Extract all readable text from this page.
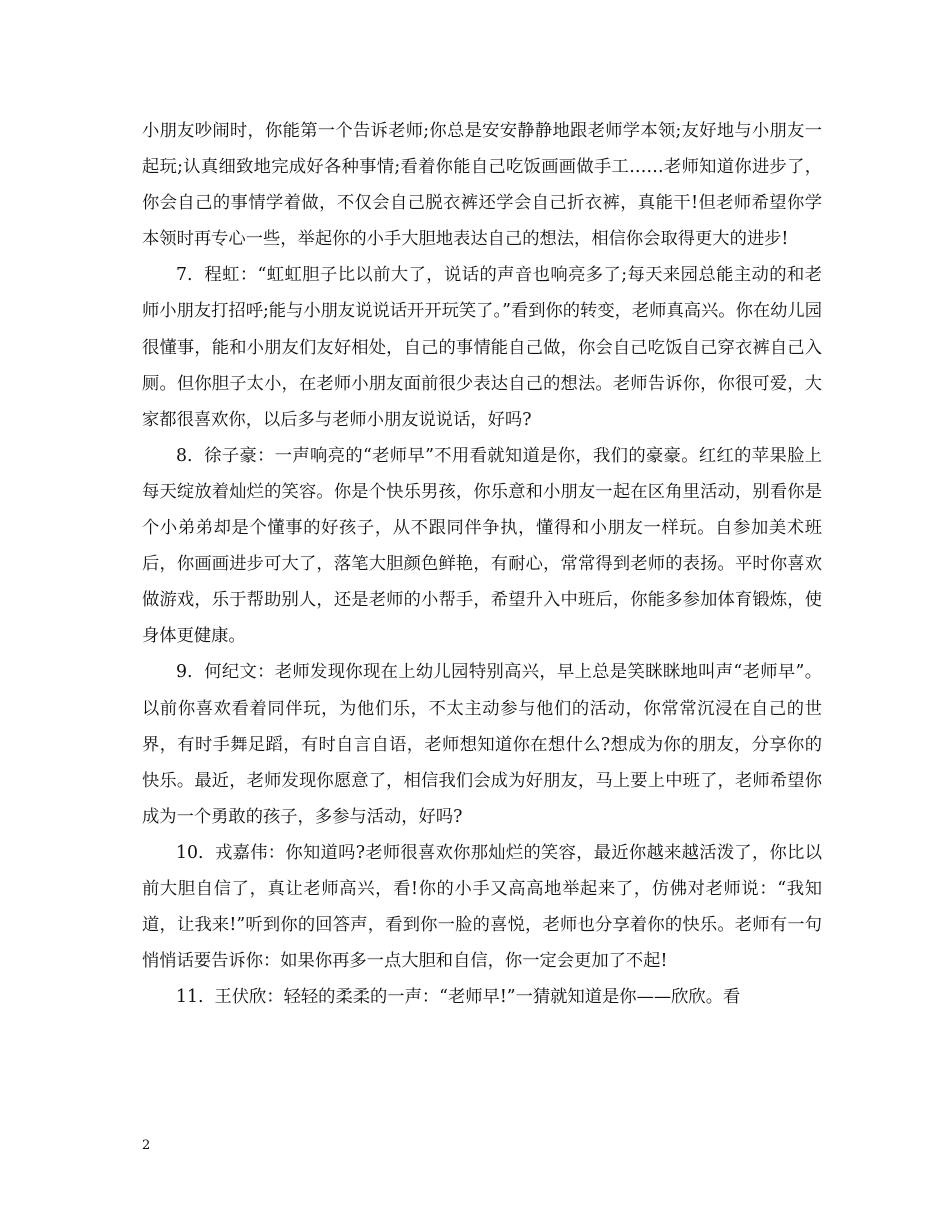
小朋友吵闹时，你能第一个告诉老师;你总是安安静静地跟老师学本领;友好地与小朋友一起玩;认真细致地完成好各种事情;看着你能自己吃饭画画做手工……老师知道你进步了，你会自己的事情学着做，不仅会自己脱衣裤还学会自己折衣裤，真能干!但老师希望你学本领时再专心一些，举起你的小手大胆地表达自己的想法，相信你会取得更大的进步!

7. 程虹：“虹虹胆子比以前大了，说话的声音也响亮多了;每天来园总能主动的和老师小朋友打招呼;能与小朋友说说话开开玩笑了。”看到你的转变，老师真高兴。你在幼儿园很懂事，能和小朋友们友好相处，自己的事情能自己做，你会自己吃饭自己穿衣裤自己入厕。但你胆子太小，在老师小朋友面前很少表达自己的想法。老师告诉你，你很可爱，大家都很喜欢你，以后多与老师小朋友说说话，好吗?

8. 徐子豪：一声响亮的“老师早”不用看就知道是你，我们的豪豪。红红的苹果脸上每天绽放着灿烂的笑容。你是个快乐男孩，你乐意和小朋友一起在区角里活动，别看你是个小弟弟却是个懂事的好孩子，从不跟同伴争执，懂得和小朋友一样玩。自参加美术班后，你画画进步可大了，落笔大胆颜色鲜艳，有耐心，常常得到老师的表扬。平时你喜欢做游戏，乐于帮助别人，还是老师的小帮手，希望升入中班后，你能多参加体育锻炼，使身体更健康。

9. 何纪文：老师发现你现在上幼儿园特别高兴，早上总是笑眯眯地叫声“老师早”。以前你喜欢看着同伴玩，为他们乐，不太主动参与他们的活动，你常常沉浸在自己的世界，有时手舞足蹈，有时自言自语，老师想知道你在想什么?想成为你的朋友，分享你的快乐。最近，老师发现你愿意了，相信我们会成为好朋友，马上要上中班了，老师希望你成为一个勇敢的孩子，多参与活动，好吗?

10. 戎嘉伟：你知道吗?老师很喜欢你那灿烂的笑容，最近你越来越活泼了，你比以前大胆自信了，真让老师高兴，看!你的小手又高高地举起来了，仿佛对老师说：“我知道，让我来!”听到你的回答声，看到你一脸的喜悦，老师也分享着你的快乐。老师有一句悄悄话要告诉你：如果你再多一点大胆和自信，你一定会更加了不起!

11. 王伏欣：轻轻的柔柔的一声：“老师早!”一猜就知道是你——欣欣。看

2
